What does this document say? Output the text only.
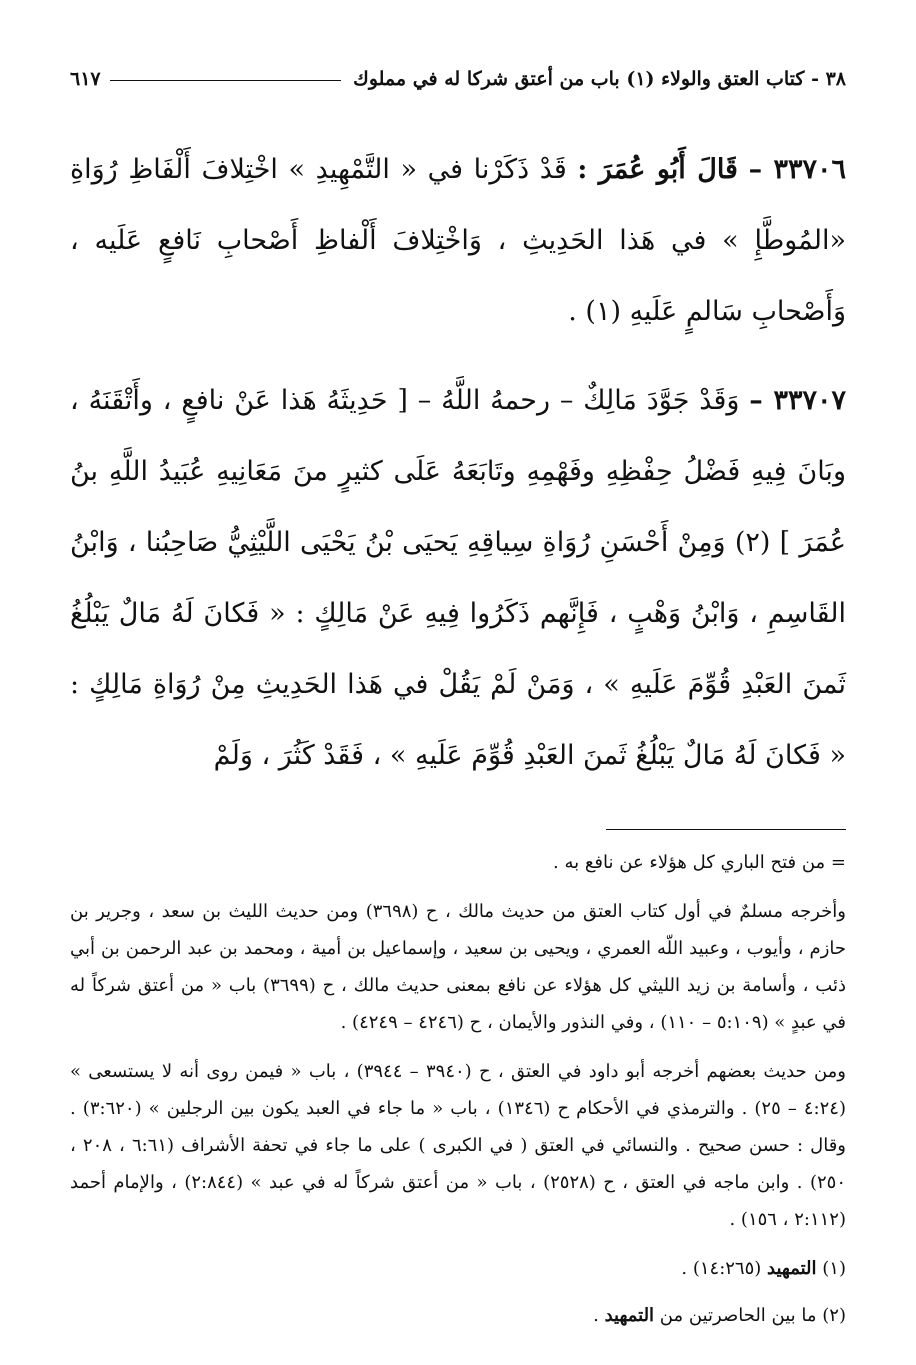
٣٨ - كتاب العتق والولاء (١) باب من أعتق شركا له في مملوك
٦١٧

٣٣٧٠٦ – قَالَ أَبُو عُمَرَ : قَدْ ذَكَرْنا في « التَّمْهِيدِ » اخْتِلافَ أَلْفَاظِ رُوَاةِ «المُوطَّإِ » في هَذا الحَدِيثِ ، وَاخْتِلافَ أَلْفاظِ أَصْحابِ نَافعٍ عَلَيه ، وَأَصْحابِ سَالمٍ عَلَيهِ (١) .

٣٣٧٠٧ – وَقَدْ جَوَّدَ مَالِكٌ – رحمهُ اللَّهُ – [ حَدِيثَهُ هَذا عَنْ نافعٍ ، وأَتْقَنَهُ ، وبَانَ فِيهِ فَضْلُ حِفْظِهِ وفَهْمِهِ وتَابَعَهُ عَلَى كثيرٍ منَ مَعَانِيهِ عُبَيدُ اللَّهِ بنُ عُمَرَ ] (٢) وَمِنْ أَحْسَنِ رُوَاةِ سِياقِهِ يَحيَى بْنُ يَحْيَى اللَّيْثِيُّ صَاحِبُنا ، وَابْنُ القَاسِمِ ، وَابْنُ وَهْبٍ ، فَإِنَّهم ذَكَرُوا فِيهِ عَنْ مَالِكٍ : « فَكانَ لَهُ مَالٌ يَبْلُغُ ثَمنَ العَبْدِ قُوِّمَ عَلَيهِ » ، وَمَنْ لَمْ يَقُلْ في هَذا الحَدِيثِ مِنْ رُوَاةِ مَالِكٍ : « فَكانَ لَهُ مَالٌ يَبْلُغُ ثَمنَ العَبْدِ قُوِّمَ عَلَيهِ » ، فَقَدْ كَثُرَ ، وَلَمْ

= من فتح الباري كل هؤلاء عن نافع به .

وأخرجه مسلمٌ في أول كتاب العتق من حديث مالك ، ح (٣٦٩٨) ومن حديث الليث بن سعد ، وجرير بن حازم ، وأيوب ، وعبيد اللّه العمري ، ويحيى بن سعيد ، وإسماعيل بن أمية ، ومحمد بن عبد الرحمن بن أبي ذئب ، وأسامة بن زيد الليثي كل هؤلاء عن نافع بمعنى حديث مالك ، ح (٣٦٩٩) باب « من أعتق شركاً له في عبدٍ » (٥:١٠٩ – ١١٠) ، وفي النذور والأيمان ، ح (٤٢٤٦ – ٤٢٤٩) .

ومن حديث بعضهم أخرجه أبو داود في العتق ، ح (٣٩٤٠ – ٣٩٤٤) ، باب « فيمن روى أنه لا يستسعى » (٤:٢٤ – ٢٥) . والترمذي في الأحكام ح (١٣٤٦) ، باب « ما جاء في العبد يكون بين الرجلين » (٣:٦٢٠) . وقال : حسن صحيح . والنسائي في العتق ( في الكبرى ) على ما جاء في تحفة الأشراف (٦:٦١ ، ٢٠٨ ، ٢٥٠) . وابن ماجه في العتق ، ح (٢٥٢٨) ، باب « من أعتق شركاً له في عبد » (٢:٨٤٤) ، والإمام أحمد (٢:١١٢ ، ١٥٦) .

(١) التمهيد (١٤:٢٦٥) .

(٢) ما بين الحاصرتين من التمهيد .
